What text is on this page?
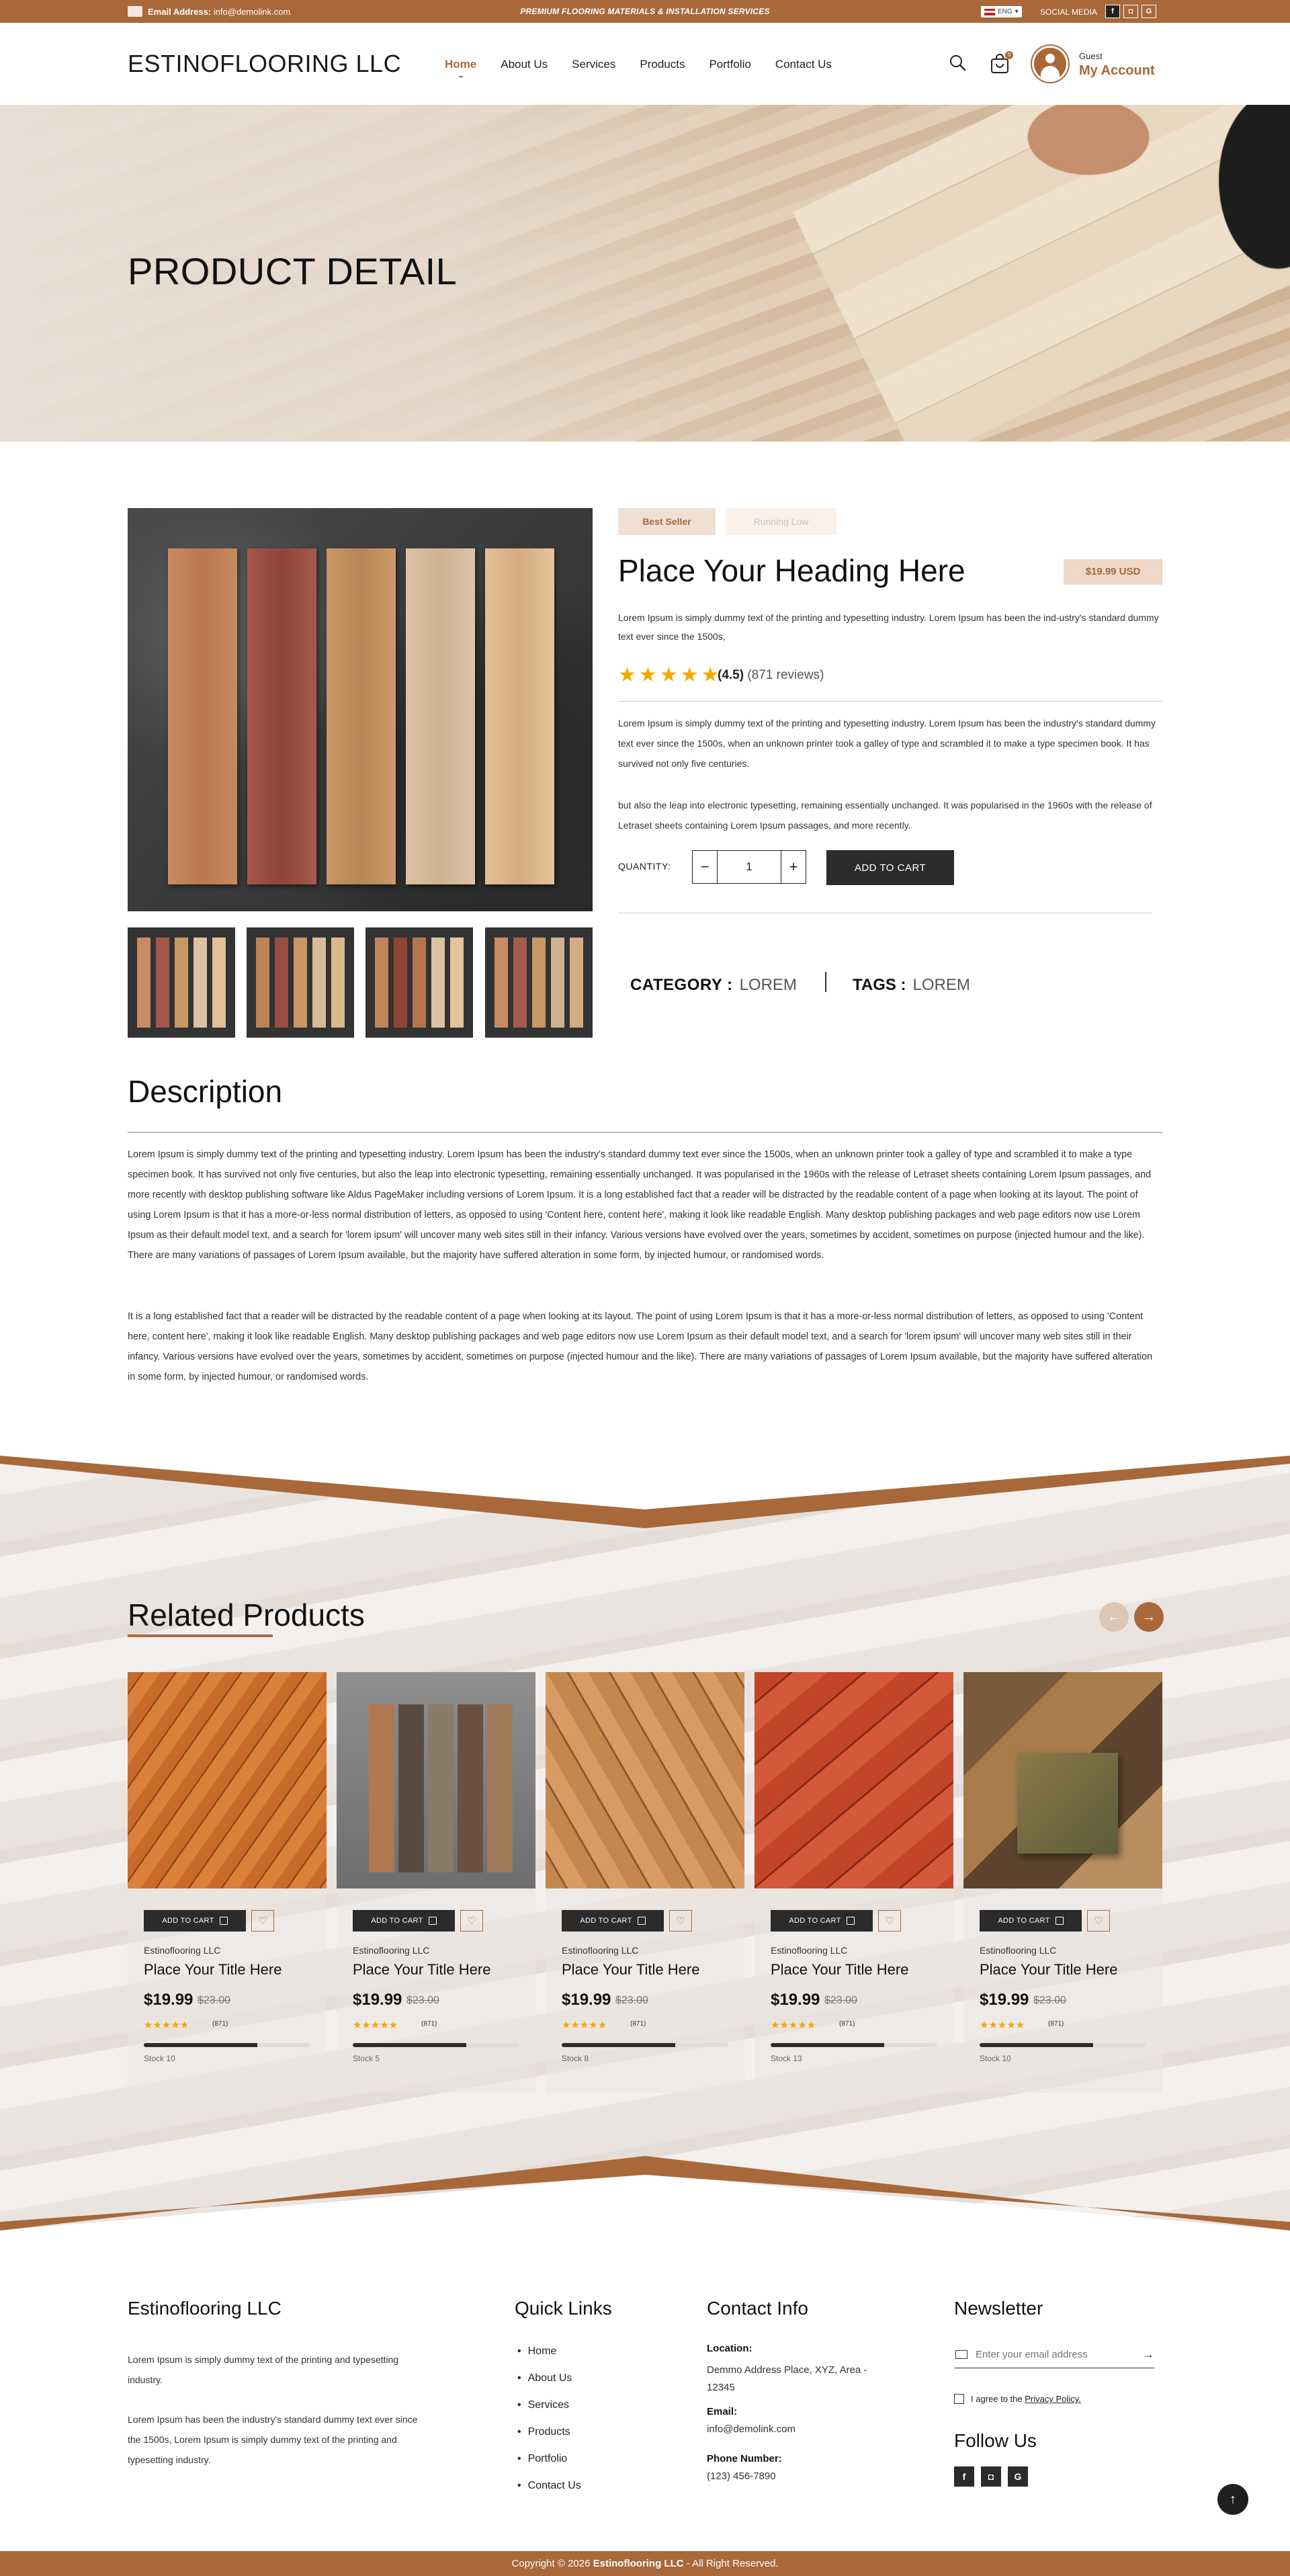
Email Address: info@demolink.com	PREMIUM FLOORING MATERIALS & INSTALLATION SERVICES	ENG ▾	SOCIAL MEDIA	f	◘	G
ESTINOFLOORING LLC	Home About Us Services Products Portfolio Contact Us
0	Guest
My Account
PRODUCT DETAIL
Best Seller	Running Low
Place Your Heading Here	$19.99 USD
Lorem Ipsum is simply dummy text of the printing and typesetting industry. Lorem Ipsum has been the ind-ustry's standard dummy text ever since the 1500s,
★ ★ ★ ★ ★
(4.5) (871 reviews)
Lorem Ipsum is simply dummy text of the printing and typesetting industry. Lorem Ipsum has been the industry's standard dummy text ever since the 1500s, when an unknown printer took a galley of type and scrambled it to make a type specimen book. It has survived not only five centuries.
but also the leap into electronic typesetting, remaining essentially unchanged. It was popularised in the 1960s with the release of Letraset sheets containing Lorem Ipsum passages, and more recently.
QUANTITY:	−	1	+	ADD TO CART
CATEGORY : LOREM	TAGS : LOREM
Description
Lorem Ipsum is simply dummy text of the printing and typesetting industry. Lorem Ipsum has been the industry's standard dummy text ever since the 1500s, when an unknown printer took a galley of type and scrambled it to make a type specimen book. It has survived not only five centuries, but also the leap into electronic typesetting, remaining essentially unchanged. It was popularised in the 1960s with the release of Letraset sheets containing Lorem Ipsum passages, and more recently with desktop publishing software like Aldus PageMaker including versions of Lorem Ipsum. It is a long established fact that a reader will be distracted by the readable content of a page when looking at its layout. The point of using Lorem Ipsum is that it has a more-or-less normal distribution of letters, as opposed to using 'Content here, content here', making it look like readable English. Many desktop publishing packages and web page editors now use Lorem Ipsum as their default model text, and a search for 'lorem ipsum' will uncover many web sites still in their infancy. Various versions have evolved over the years, sometimes by accident, sometimes on purpose (injected humour and the like). There are many variations of passages of Lorem Ipsum available, but the majority have suffered alteration in some form, by injected humour, or randomised words.
It is a long established fact that a reader will be distracted by the readable content of a page when looking at its layout. The point of using Lorem Ipsum is that it has a more-or-less normal distribution of letters, as opposed to using 'Content here, content here', making it look like readable English. Many desktop publishing packages and web page editors now use Lorem Ipsum as their default model text, and a search for 'lorem ipsum' will uncover many web sites still in their infancy. Various versions have evolved over the years, sometimes by accident, sometimes on purpose (injected humour and the like). There are many variations of passages of Lorem Ipsum available, but the majority have suffered alteration in some form, by injected humour, or randomised words.
Related Products	←	→
ADD TO CART	♡
Estinoflooring LLC
Place Your Title Here
$19.99 $23.00
★★★★★	(871)
Stock 10
ADD TO CART	♡
Estinoflooring LLC
Place Your Title Here
$19.99 $23.00
★★★★★	(871)
Stock 5
ADD TO CART	♡
Estinoflooring LLC
Place Your Title Here
$19.99 $23.00
★★★★★	(871)
Stock 8
ADD TO CART	♡
Estinoflooring LLC
Place Your Title Here
$19.99 $23.00
★★★★★	(871)
Stock 13
ADD TO CART	♡
Estinoflooring LLC
Place Your Title Here
$19.99 $23.00
★★★★★	(871)
Stock 10
Estinoflooring LLC
Lorem Ipsum is simply dummy text of the printing and typesetting industry.
Lorem Ipsum has been the industry's standard dummy text ever since the 1500s, Lorem Ipsum is simply dummy text of the printing and typesetting industry.
Quick Links
• Home
• About Us
• Services
• Products
• Portfolio
• Contact Us
Contact Info
Location:
Demmo Address Place, XYZ, Area - 12345
Email:
info@demolink.com
Phone Number:
(123) 456-7890
Newsletter
Enter your email address
→
I agree to the Privacy Policy.
Follow Us
f	◘	G
↑
Copyright © 2026 Estinoflooring LLC - All Right Reserved.
